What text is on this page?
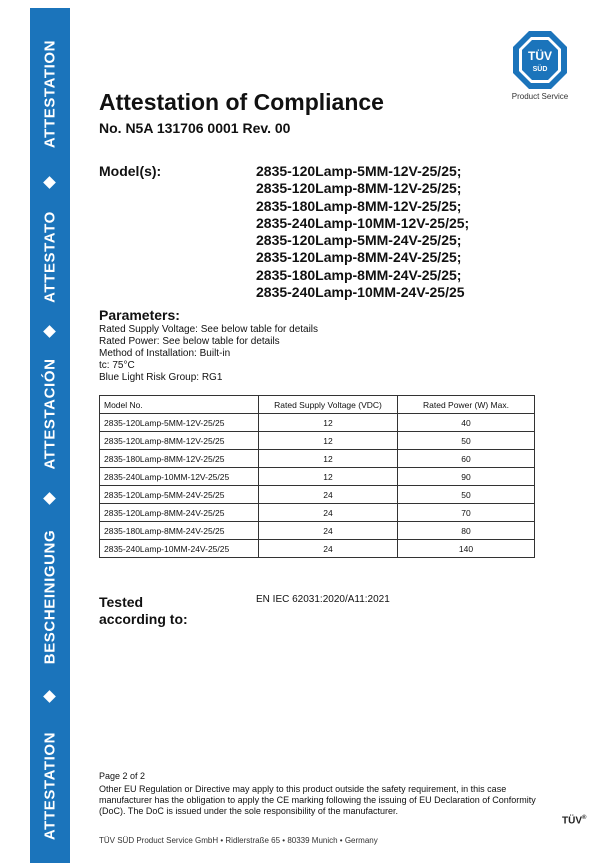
ATTESTATION
ATTESTATO
ATTESTACIÓN
BESCHEINIGUNG
ATTESTATION
TÜV
SÜD
Product Service
Attestation of Compliance
No. N5A 131706 0001 Rev. 00
Model(s):	2835-120Lamp-5MM-12V-25/25;
2835-120Lamp-8MM-12V-25/25;
2835-180Lamp-8MM-12V-25/25;
2835-240Lamp-10MM-12V-25/25;
2835-120Lamp-5MM-24V-25/25;
2835-120Lamp-8MM-24V-25/25;
2835-180Lamp-8MM-24V-25/25;
2835-240Lamp-10MM-24V-25/25
Parameters:
Rated Supply Voltage: See below table for details
Rated Power: See below table for details
Method of Installation: Built-in
tc: 75°C
Blue Light Risk Group: RG1
Model No.	Rated Supply Voltage (VDC)	Rated Power (W) Max.
2835-120Lamp-5MM-12V-25/25	12	40
2835-120Lamp-8MM-12V-25/25	12	50
2835-180Lamp-8MM-12V-25/25	12	60
2835-240Lamp-10MM-12V-25/25	12	90
2835-120Lamp-5MM-24V-25/25	24	50
2835-120Lamp-8MM-24V-25/25	24	70
2835-180Lamp-8MM-24V-25/25	24	80
2835-240Lamp-10MM-24V-25/25	24	140
Tested
according to:
EN IEC 62031:2020/A11:2021
Page 2 of 2
Other EU Regulation or Directive may apply to this product outside the safety requirement, in this case manufacturer has the obligation to apply the CE marking following the issuing of EU Declaration of Conformity (DoC). The DoC is issued under the sole responsibility of the manufacturer.
TÜV SÜD Product Service GmbH • Ridlerstraße 65 • 80339 Munich • Germany
TÜV®
